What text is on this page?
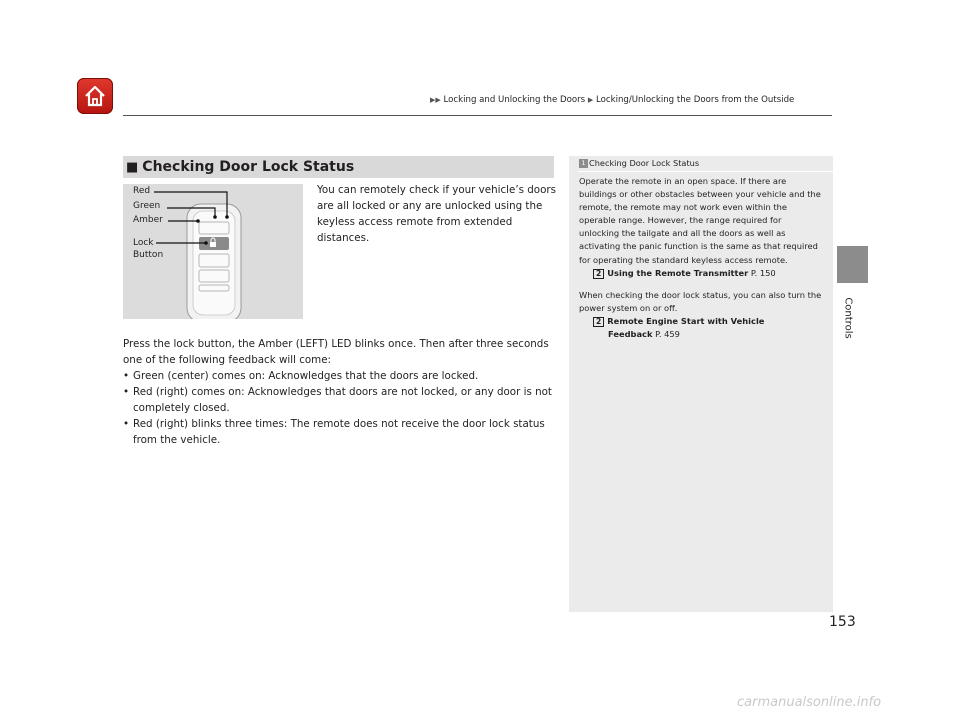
▶▶ Locking and Unlocking the Doors ▶ Locking/Unlocking the Doors from the Outside
Controls
■ Checking Door Lock Status
Red
Green
Amber
Lock
Button
You can remotely check if your vehicle’s doors are all locked or any are unlocked using the keyless access remote from extended distances.
Press the lock button, the Amber (LEFT) LED blinks once. Then after three seconds one of the following feedback will come:
• Green (center) comes on: Acknowledges that the doors are locked.
• Red (right) comes on: Acknowledges that doors are not locked, or any door is not completely closed.
• Red (right) blinks three times: The remote does not receive the door lock status from the vehicle.
1 Checking Door Lock Status
Operate the remote in an open space. If there are buildings or other obstacles between your vehicle and the remote, the remote may not work even within the operable range. However, the range required for unlocking the tailgate and all the doors as well as activating the panic function is the same as that required for operating the standard keyless access remote.
2 Using the Remote Transmitter P. 150
When checking the door lock status, you can also turn the power system on or off.
2 Remote Engine Start with Vehicle
Feedback P. 459
153
carmanualsonline.info
